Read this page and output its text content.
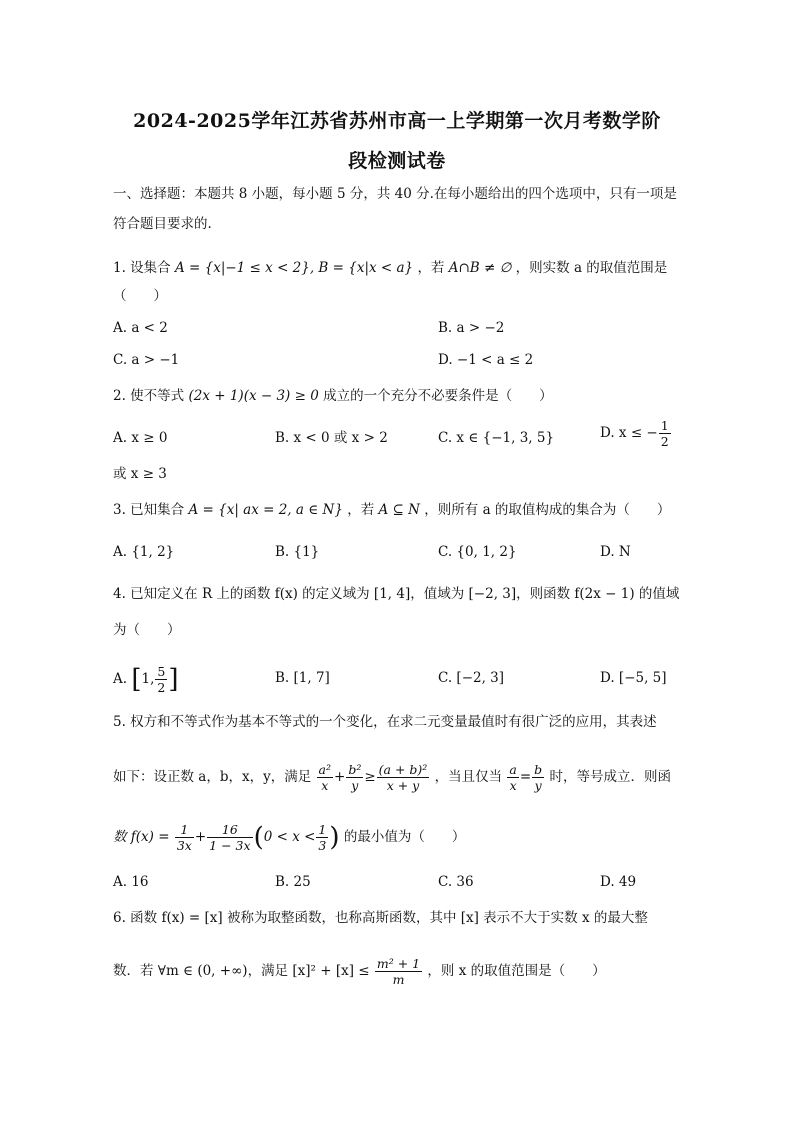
2024-2025学年江苏省苏州市高一上学期第一次月考数学阶
段检测试卷
一、选择题：本题共 8 小题，每小题 5 分，共 40 分.在每小题给出的四个选项中，只有一项是
符合题目要求的.
1. 设集合 A = {x|−1 ≤ x < 2}, B = {x|x < a} ，若 A∩B ≠ ∅ ，则实数 a 的取值范围是
（　　）
A. a < 2	B. a > −2
C. a > −1	D. −1 < a ≤ 2
2. 使不等式 (2x + 1)(x − 3) ≥ 0 成立的一个充分不必要条件是（　　）
A. x ≥ 0	B. x < 0 或 x > 2	C. x ∈ {−1, 3, 5}	D. x ≤ − $\frac{1}{2}$
或 x ≥ 3
3. 已知集合 A = {x| ax = 2, a ∈ N} ，若 A ⊆ N ，则所有 a 的取值构成的集合为（　　）
A. {1, 2}	B. {1}	C. {0, 1, 2}	D. N
4. 已知定义在 R 上的函数 f(x) 的定义域为 [1, 4]，值域为 [−2, 3]，则函数 f(2x − 1) 的值域
为（　　）
A. [1, $\frac{5}{2}$ ]	B. [1, 7]	C. [−2, 3]	D. [−5, 5]
5. 权方和不等式作为基本不等式的一个变化，在求二元变量最值时有很广泛的应用，其表述
如下：设正数 a，b，x，y，满足 $\frac{\text{a²}}{x} + \frac{\text{b²}}{y} \ge \frac{\text{(a + b)²}}{x + y}$ ，当且仅当 $\frac{a}{x} = \frac{b}{y}$ 时，等号成立．则函
数 $f(x) = \frac{1}{3x} + \frac{16}{1 - 3x} (0 < x < \frac{1}{3}$ ) 的最小值为（　　）
A. 16	B. 25	C. 36	D. 49
6. 函数 f(x) = [x] 被称为取整函数，也称高斯函数，其中 [x] 表示不大于实数 x 的最大整
数．若 ∀m ∈ (0, +∞)，满足 $[x]^2 + [x] \le \frac{\text{m² + 1}}{m}$ ，则 x 的取值范围是（　　）
